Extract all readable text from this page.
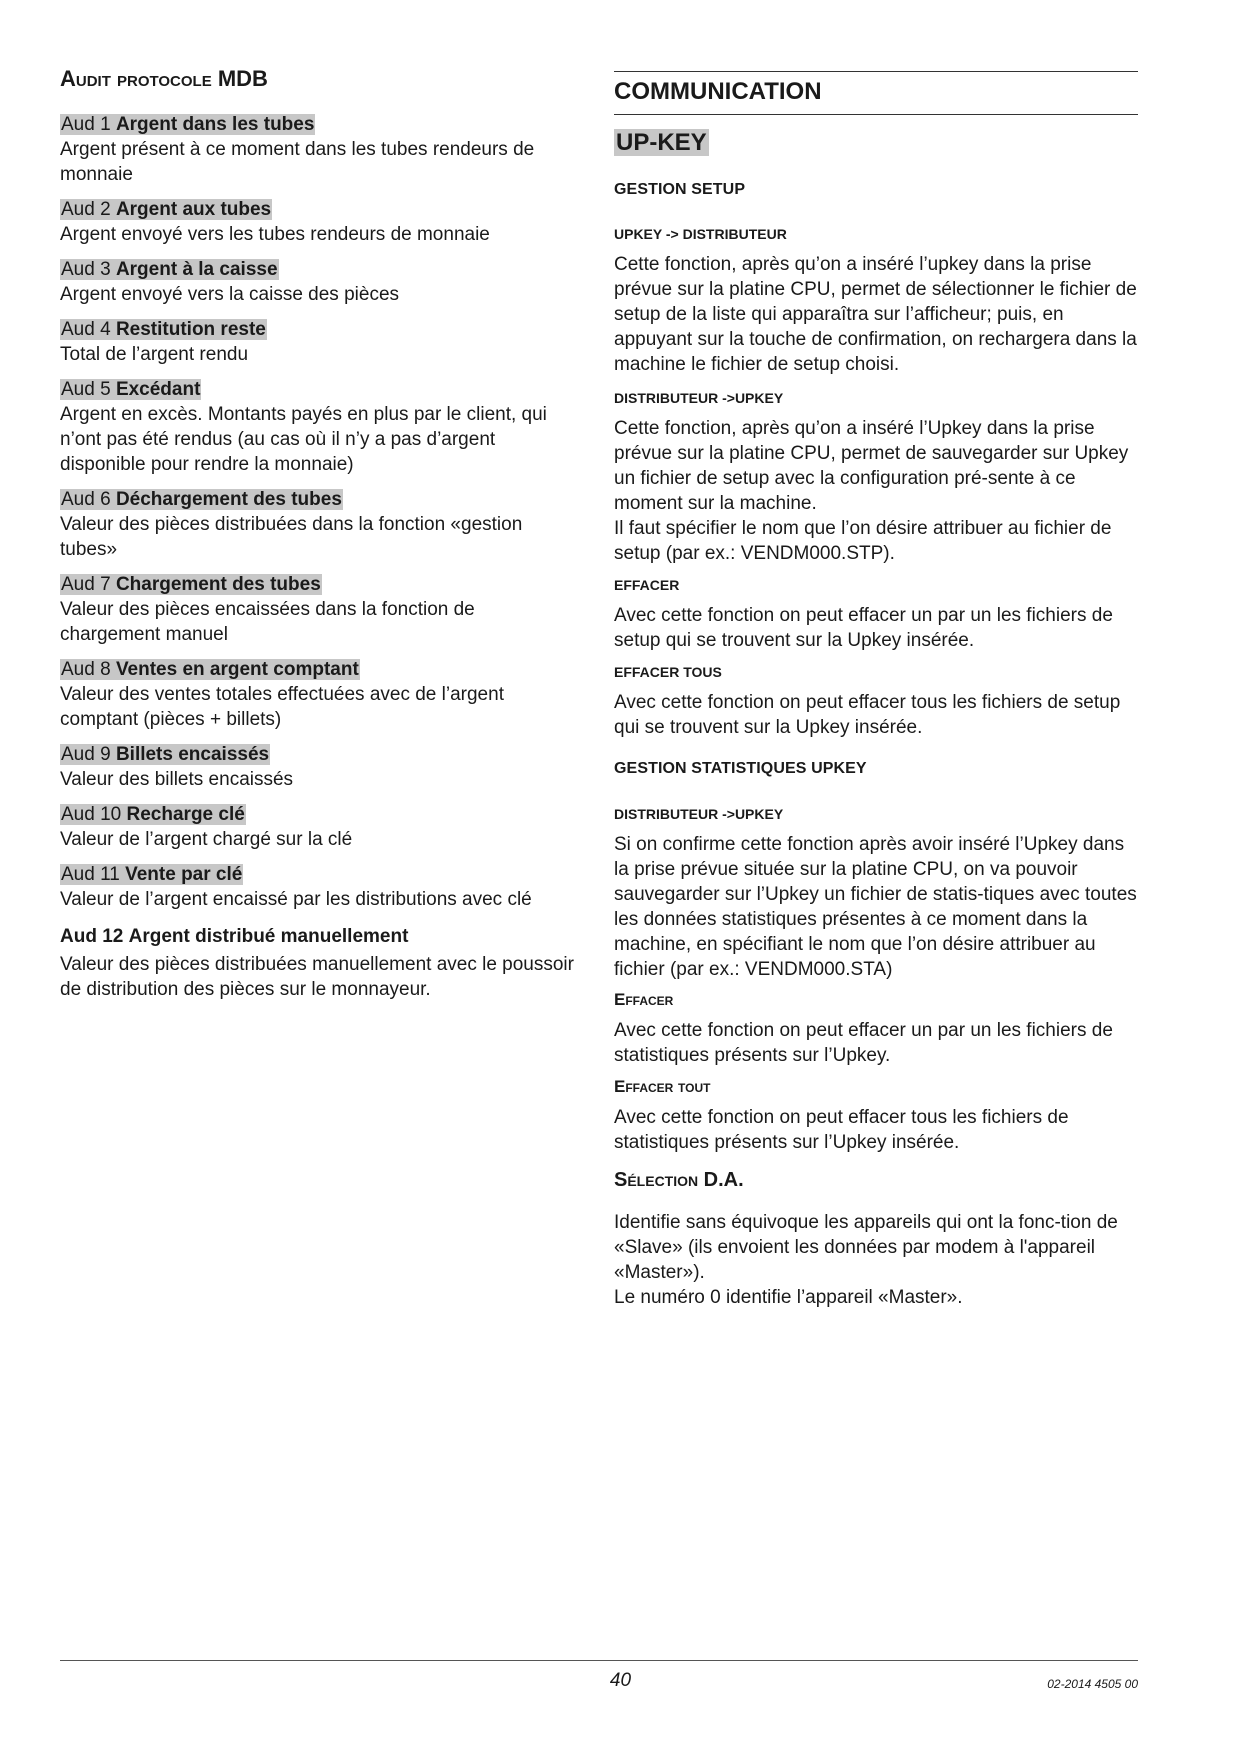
Audit protocole MDB
Aud 1 Argent dans les tubes

Argent présent à ce moment dans les tubes rendeurs de monnaie

Aud 2 Argent aux tubes

Argent envoyé vers les tubes rendeurs de monnaie

Aud 3 Argent à la caisse

Argent envoyé vers la caisse des pièces

Aud 4 Restitution reste

Total de l’argent rendu

Aud 5 Excédant

Argent en excès. Montants payés en plus par le client, qui n’ont pas été rendus (au cas où il n’y a pas d’argent disponible pour rendre la monnaie)

Aud 6 Déchargement des tubes

Valeur des pièces distribuées dans la fonction «gestion tubes»

Aud 7 Chargement des tubes

Valeur des pièces encaissées dans la fonction de chargement manuel

Aud 8 Ventes en argent comptant

Valeur des ventes totales effectuées avec de l’argent comptant (pièces + billets)

Aud 9 Billets encaissés

Valeur des billets encaissés

Aud 10 Recharge clé

Valeur de l’argent chargé sur la clé

Aud 11 Vente par clé

Valeur de l’argent encaissé par les distributions avec clé

Aud 12 Argent distribué manuellement

Valeur des pièces distribuées manuellement avec le poussoir de distribution des pièces sur le monnayeur.

COMMUNICATION
UP-KEY
GESTION SETUP
UPKEY -> DISTRIBUTEUR

Cette fonction, après qu’on a inséré l’upkey dans la prise prévue sur la platine CPU, permet de sélectionner le fichier de setup de la liste qui apparaîtra sur l’afficheur; puis, en appuyant sur la touche de confirmation, on rechargera dans la machine le fichier de setup choisi.

DISTRIBUTEUR ->UPKEY

Cette fonction, après qu’on a inséré l’Upkey dans la prise prévue sur la platine CPU, permet de sauvegarder sur Upkey un fichier de setup avec la configuration pré-sente à ce moment sur la machine.

Il faut spécifier le nom que l’on désire attribuer au fichier de setup (par ex.: VENDM000.STP).

EFFACER

Avec cette fonction on peut effacer un par un les fichiers de setup qui se trouvent sur la Upkey insérée.

EFFACER TOUS

Avec cette fonction on peut effacer tous les fichiers de setup qui se trouvent sur la Upkey insérée.

GESTION STATISTIQUES UPKEY
DISTRIBUTEUR ->UPKEY

Si on confirme cette fonction après avoir inséré l’Upkey dans la prise prévue située sur la platine CPU, on va pouvoir sauvegarder sur l’Upkey un fichier de statis-tiques avec toutes les données statistiques présentes à ce moment dans la machine, en spécifiant le nom que l’on désire attribuer au fichier (par ex.: VENDM000.STA)

Effacer

Avec cette fonction on peut effacer un par un les fichiers de statistiques présents sur l’Upkey.

Effacer tout

Avec cette fonction on peut effacer tous les fichiers de statistiques présents sur l’Upkey insérée.

Sélection D.A.

Identifie sans équivoque les appareils qui ont la fonc-tion de «Slave» (ils envoient les données par modem à l'appareil «Master»).

Le numéro 0 identifie l’appareil «Master».

40	02-2014 4505 00
